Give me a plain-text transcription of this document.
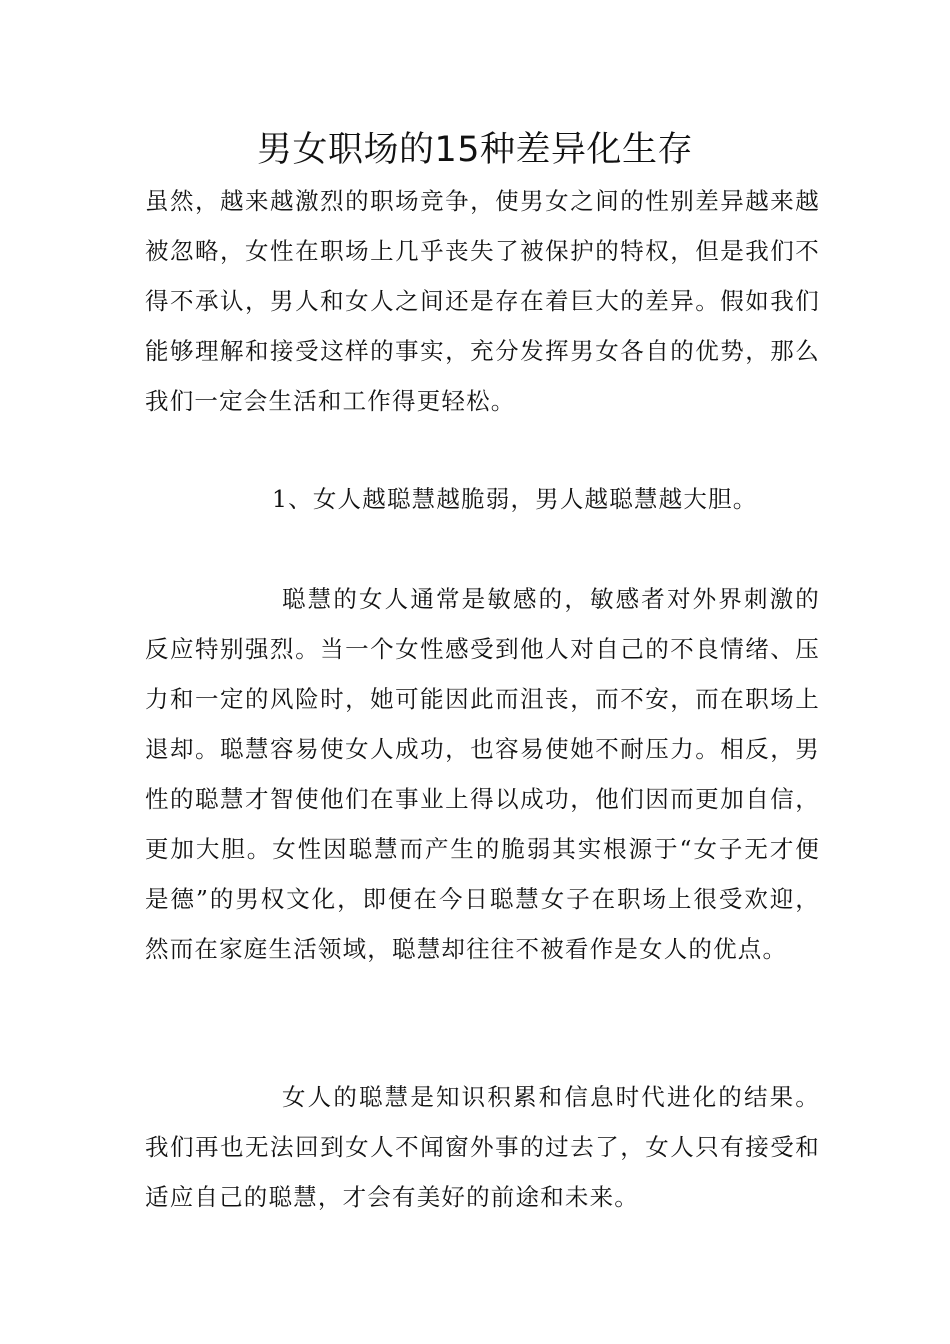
男女职场的15种差异化生存

虽然，越来越激烈的职场竞争，使男女之间的性别差异越来越被忽略，女性在职场上几乎丧失了被保护的特权，但是我们不得不承认，男人和女人之间还是存在着巨大的差异。假如我们能够理解和接受这样的事实，充分发挥男女各自的优势，那么我们一定会生活和工作得更轻松。

1、女人越聪慧越脆弱，男人越聪慧越大胆。

聪慧的女人通常是敏感的，敏感者对外界刺激的反应特别强烈。当一个女性感受到他人对自己的不良情绪、压力和一定的风险时，她可能因此而沮丧，而不安，而在职场上退却。聪慧容易使女人成功，也容易使她不耐压力。相反，男性的聪慧才智使他们在事业上得以成功，他们因而更加自信，更加大胆。女性因聪慧而产生的脆弱其实根源于“女子无才便是德”的男权文化，即便在今日聪慧女子在职场上很受欢迎，然而在家庭生活领域，聪慧却往往不被看作是女人的优点。

女人的聪慧是知识积累和信息时代进化的结果。我们再也无法回到女人不闻窗外事的过去了，女人只有接受和适应自己的聪慧，才会有美好的前途和未来。
